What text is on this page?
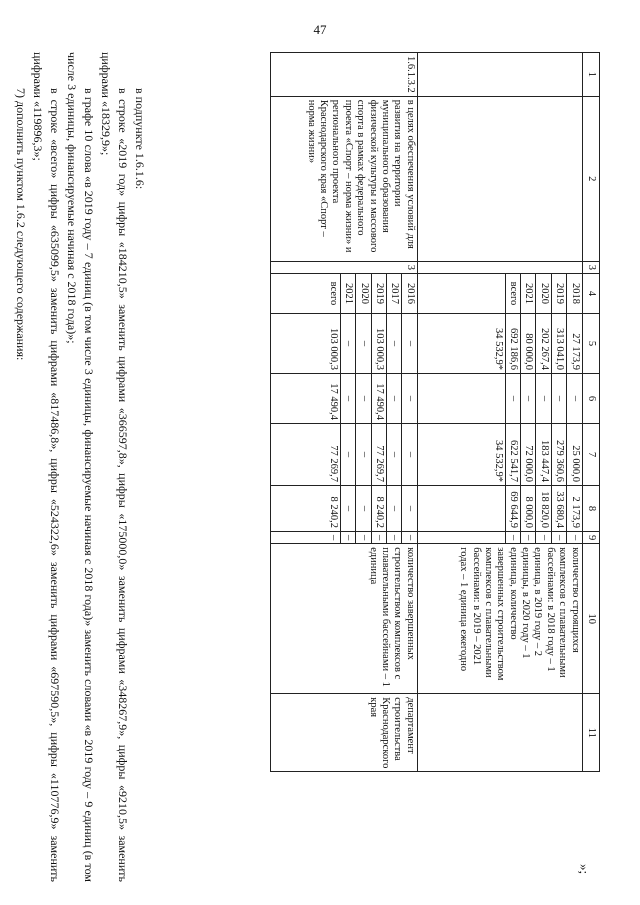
47
1	2	3	4	5	6	7	8	9	10	11
			2018	27 173,9	–	25 000,0	2 173,9	–	количество строящихся комплексов с плавательными бассейнами: в 2018 году – 1 единица, в 2019 году – 2 единицы, в 2020 году – 1 единица, количество завершенных строительством комплексов с плавательными бассейнами: в 2019 – 2021 годах – 1 единица ежегодно	
			2019	313 041,0	–	279 360,6	33 680,4	–		
			2020	202 267,4	–	183 447,4	18 820,0	–		
			2021	80 000,0	–	72 000,0	8 000,0	–		
			всего	692 186,6	–	622 541,7	69 644,9	–		
				34 532,9*		34 532,9*				
1.6.1.3.2	в целях обеспечения условий для развития на территории муниципального образования физической культуры и массового спорта в рамках федерального проекта «Спорт – норма жизни» и регионального проекта Краснодарского края «Спорт – норма жизни»	3	2016	–	–	–	–	–	количество завершенных строительством комплексов с плавательными бассейнами – 1 единица	департамент строительства Краснодарского края
			2017	–	–	–	–	–		
			2019	103 000,3	17 490,4	77 269,7	8 240,2	–		
			2020	–	–	–	–	–		
			2021	–	–	–	–	–		
			всего	103 000,3	17 490,4	77 269,7	8 240,2	–		
»;

в подпункте 1.6.1.6:

в строке «2019 год» цифры «184210,5» заменить цифрами «366597,8», цифры «175000,0» заменить цифрами «348267,9», цифры «9210,5» заменить цифрами «18329,9»;

в графе 10 слова «в 2019 году – 7 единиц (в том числе 3 единицы, финансируемые начиная с 2018 года)» заменить словами «в 2019 году – 9 единиц (в том числе 3 единицы, финансируемые начиная с 2018 года)»;

в строке «всего» цифры «635099,5» заменить цифрами «817486,8», цифры «524322,6» заменить цифрами «697590,5», цифры «110776,9» заменить цифрами «119896,3»;

7) дополнить пунктом 1.6.2 следующего содержания:
